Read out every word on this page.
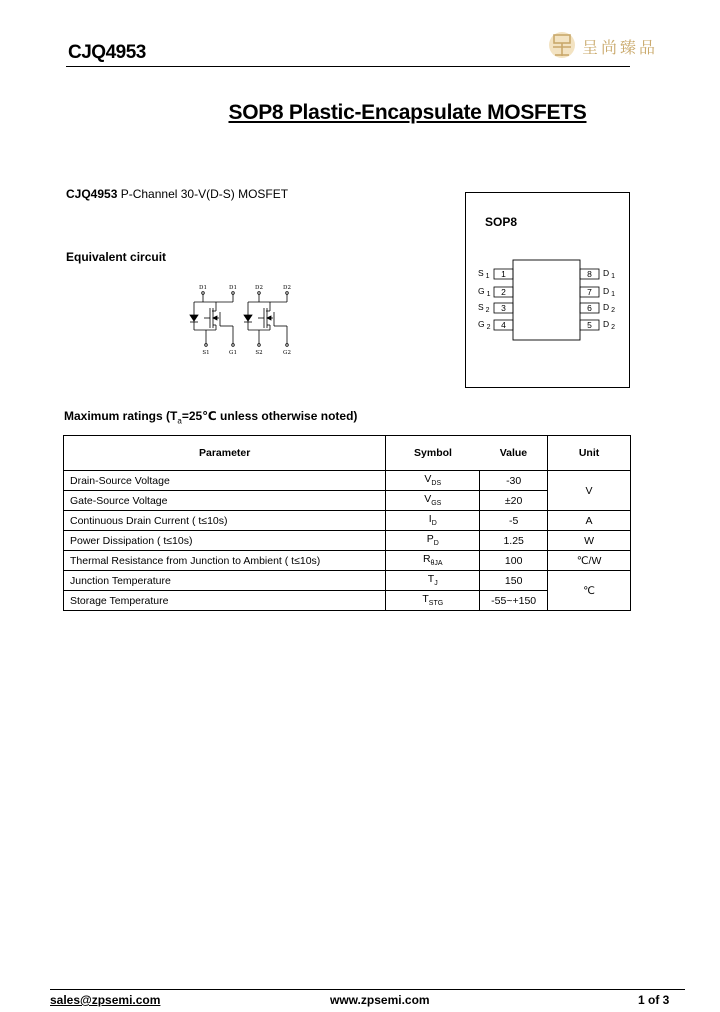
CJQ4953	呈尚臻品
SOP8 Plastic-Encapsulate MOSFETS
CJQ4953 P-Channel 30-V(D-S) MOSFET
Equivalent circuit
D1	D1	D2	D2
S1	G1	S2	G2
SOP8
1
S $_1$
2
G $_1$
3
S $_2$
4
G $_2$
8 D $_1$
7 D $_1$
6 D $_2$
5 D $_2$
Maximum ratings ($T_a=25℃$ unless otherwise noted)
Parameter	Symbol	Value	Unit
Drain-Source Voltage	$V_{DS}$	-30	V
Gate-Source Voltage	$V_{GS}$	±20	
Continuous Drain Current ( t≤10s)	$I_D$	-5	A
Power Dissipation ( t≤10s)	$P_D$	1.25	W
Thermal Resistance from Junction to Ambient ( t≤10s)	$R_{\theta JA}$	100	℃/W
Junction Temperature	$T_J$	150	℃
Storage Temperature	$T_{STG}$	-55~+150	
sales@zpsemi.com	www.zpsemi.com	1 of 3
